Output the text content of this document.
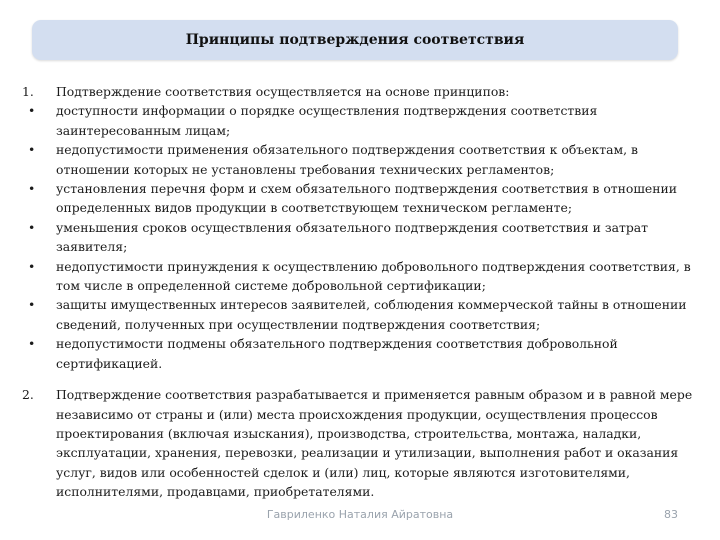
Принципы подтверждения соответствия
1.	Подтверждение соответствия осуществляется на основе принципов:
•	доступности информации о порядке осуществления подтверждения соответствия заинтересованным лицам;
•	недопустимости применения обязательного подтверждения соответствия к объектам, в отношении которых не установлены требования технических регламентов;
•	установления перечня форм и схем обязательного подтверждения соответствия в отношении определенных видов продукции в соответствующем техническом регламенте;
•	уменьшения сроков осуществления обязательного подтверждения соответствия и затрат заявителя;
•	недопустимости принуждения к осуществлению добровольного подтверждения соответствия, в том числе в определенной системе добровольной сертификации;
•	защиты имущественных интересов заявителей, соблюдения коммерческой тайны в отношении сведений, полученных при осуществлении подтверждения соответствия;
•	недопустимости подмены обязательного подтверждения соответствия добровольной сертификацией.
2.	Подтверждение соответствия разрабатывается и применяется равным образом и в равной мере независимо от страны и (или) места происхождения продукции, осуществления процессов проектирования (включая изыскания), производства, строительства, монтажа, наладки, эксплуатации, хранения, перевозки, реализации и утилизации, выполнения работ и оказания услуг, видов или особенностей сделок и (или) лиц, которые являются изготовителями, исполнителями, продавцами, приобретателями.
Гавриленко Наталия Айратовна	83
